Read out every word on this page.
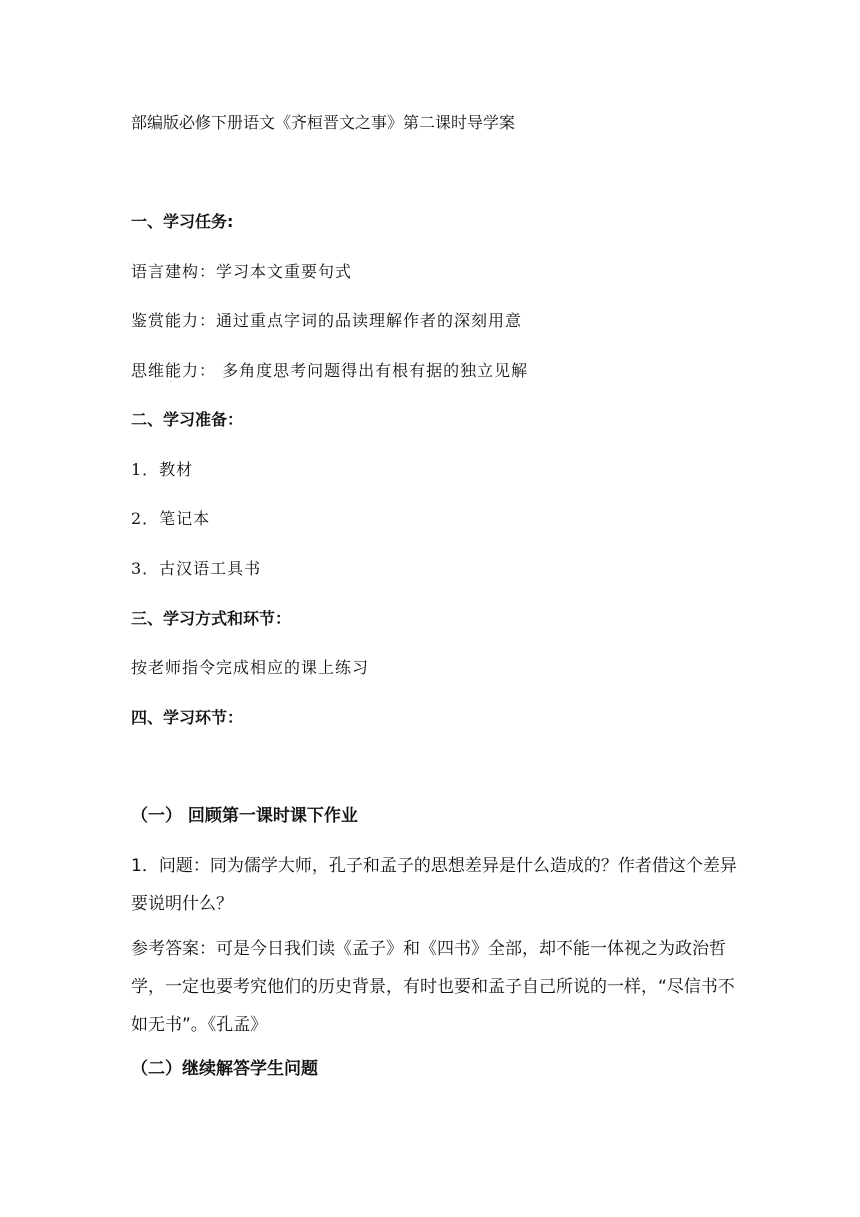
部编版必修下册语文《齐桓晋文之事》第二课时导学案
一、学习任务:
语言建构：学习本文重要句式
鉴赏能力：通过重点字词的品读理解作者的深刻用意
思维能力： 多角度思考问题得出有根有据的独立见解
二、学习准备：
1．教材
2．笔记本
3．古汉语工具书
三、学习方式和环节：
按老师指令完成相应的课上练习
四、学习环节：
（一） 回顾第一课时课下作业
1．问题：同为儒学大师，孔子和孟子的思想差异是什么造成的？作者借这个差异要说明什么？
参考答案：可是今日我们读《孟子》和《四书》全部，却不能一体视之为政治哲学，一定也要考究他们的历史背景，有时也要和孟子自己所说的一样，“尽信书不如无书”。《孔孟》
（二）继续解答学生问题
